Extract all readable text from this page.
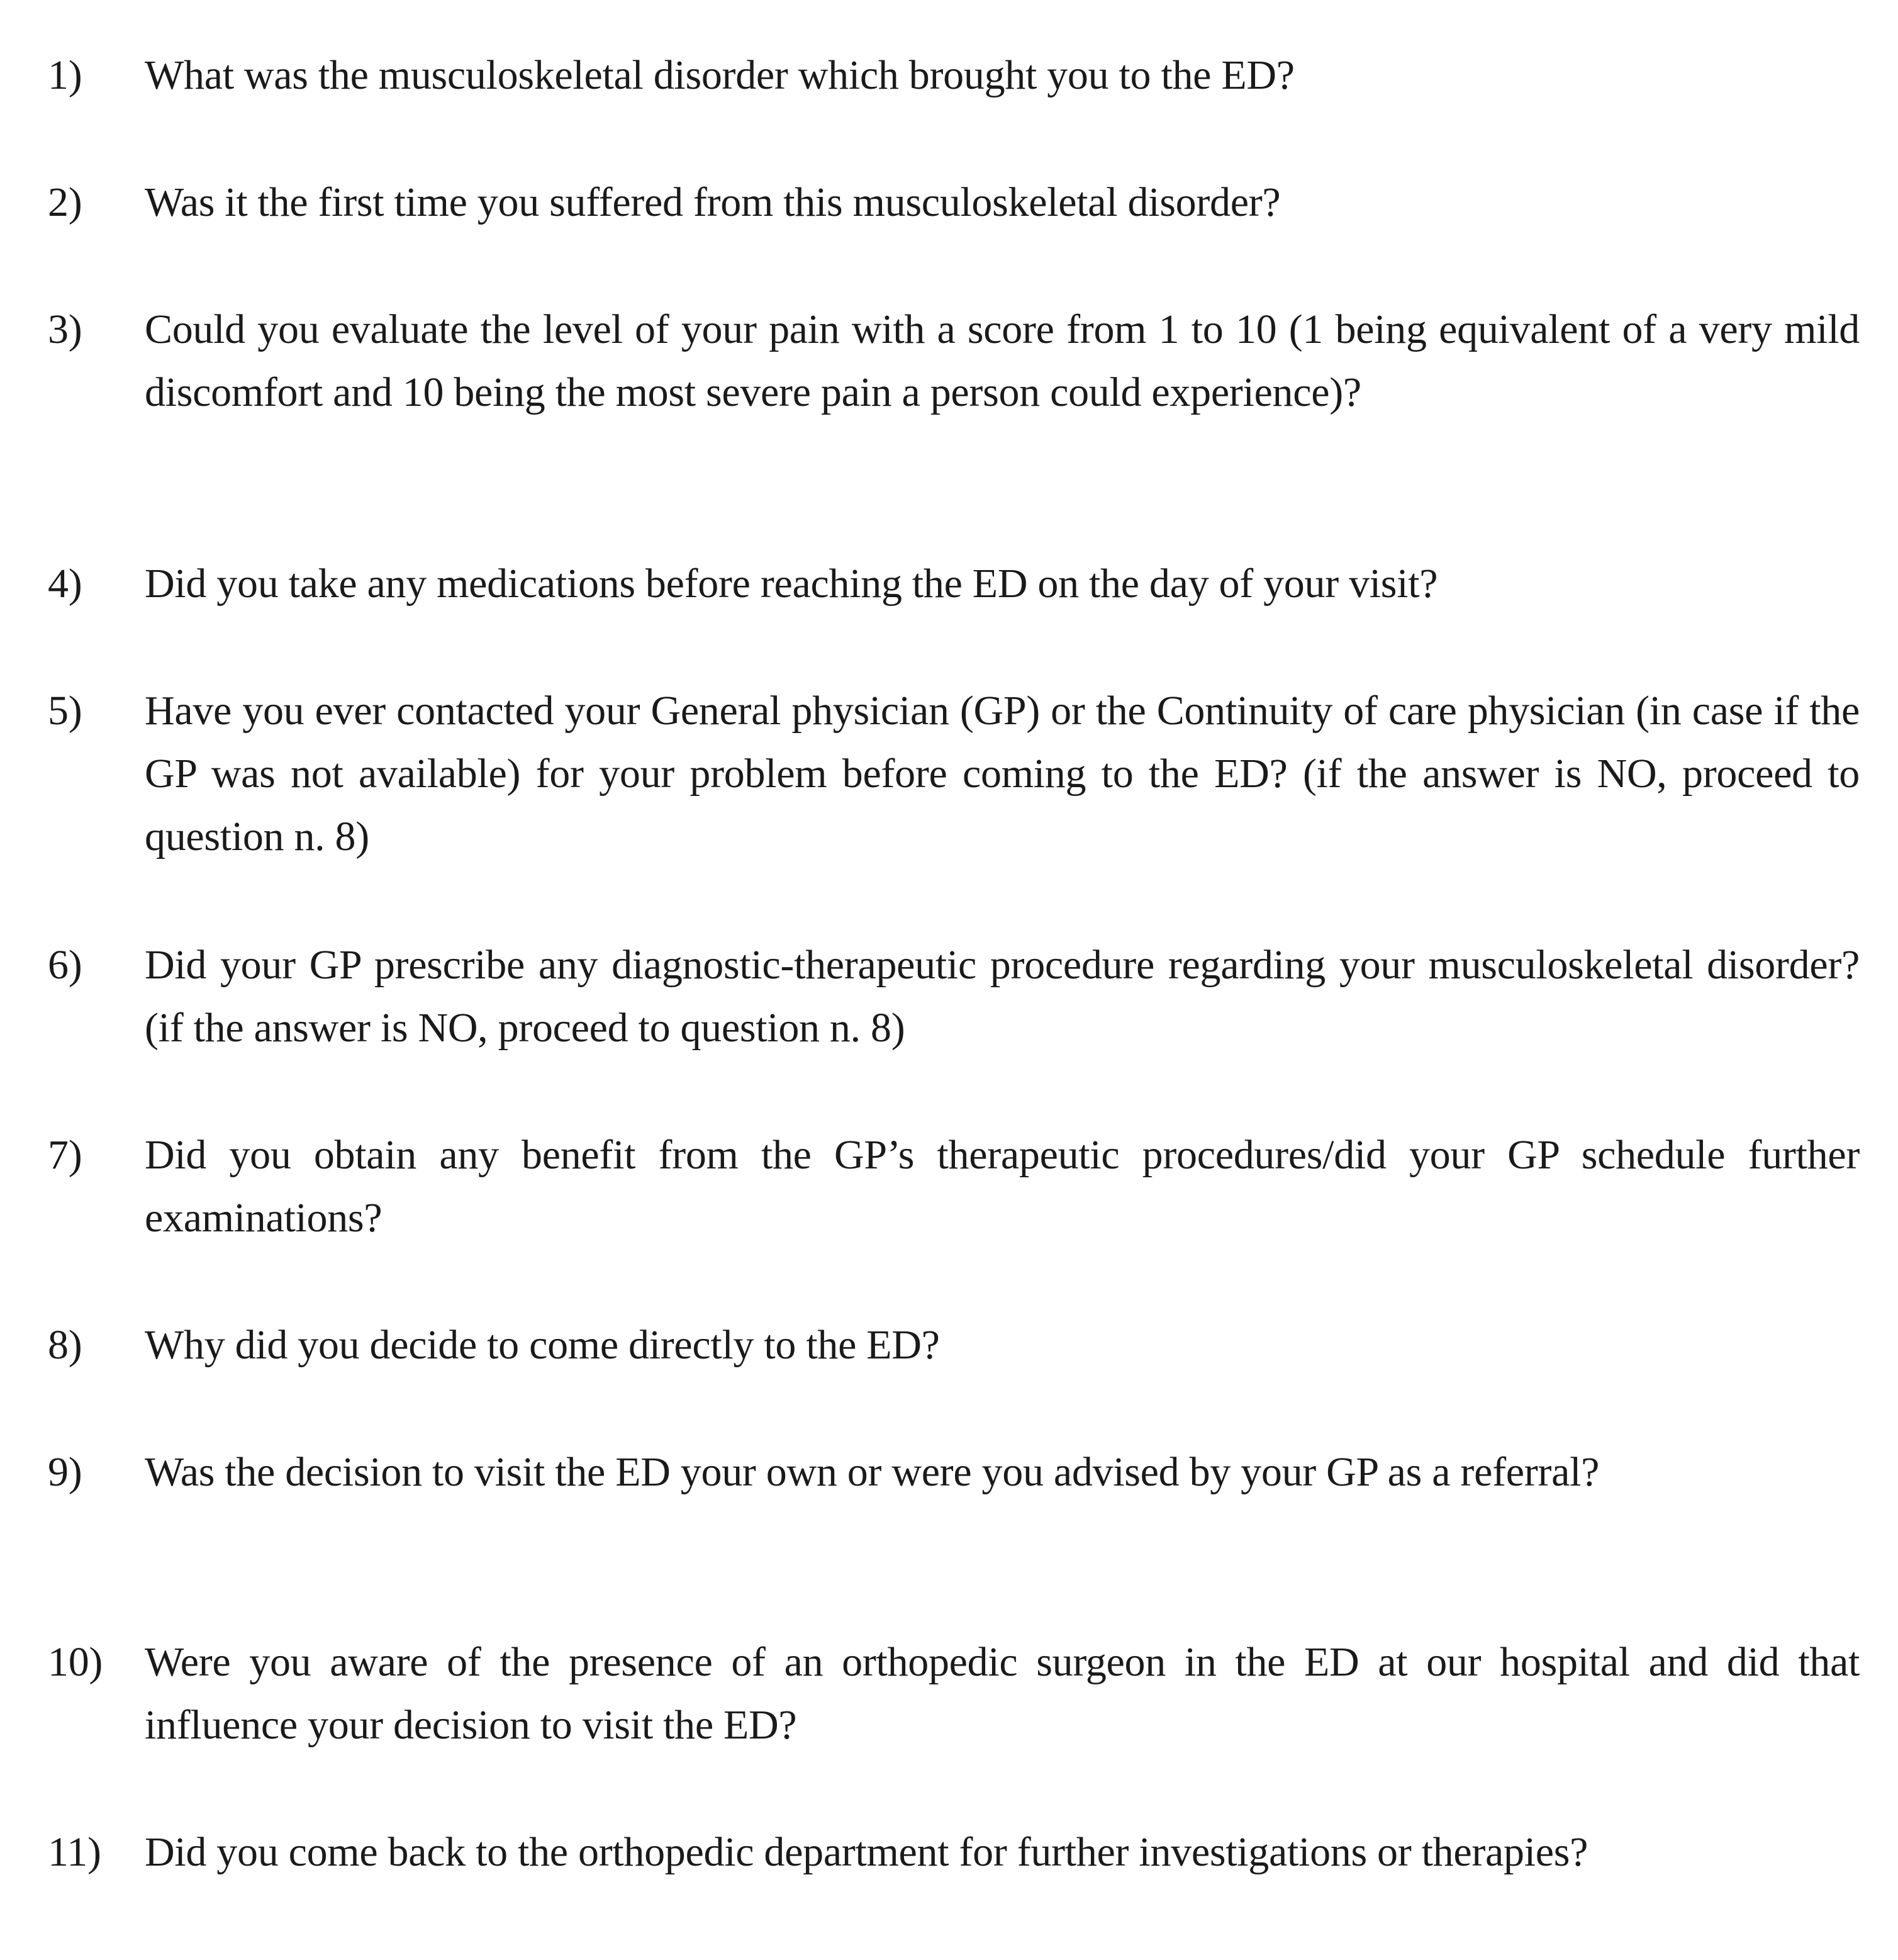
1)	What was the musculoskeletal disorder which brought you to the ED?
2)	Was it the first time you suffered from this musculoskeletal disorder?
3)	Could you evaluate the level of your pain with a score from 1 to 10 (1 being equivalent of a very mild discomfort and 10 being the most severe pain a person could experience)?
4)	Did you take any medications before reaching the ED on the day of your visit?
5)	Have you ever contacted your General physician (GP) or the Continuity of care physician (in case if the GP was not available) for your problem before coming to the ED? (if the answer is NO, proceed to question n. 8)
6)	Did your GP prescribe any diagnostic-therapeutic procedure regarding your musculoskeletal disorder? (if the answer is NO, proceed to question n. 8)
7)	Did you obtain any benefit from the GP’s therapeutic procedures/did your GP schedule further examinations?
8)	Why did you decide to come directly to the ED?
9)	Was the decision to visit the ED your own or were you advised by your GP as a referral?
10)	Were you aware of the presence of an orthopedic surgeon in the ED at our hospital and did that influence your decision to visit the ED?
11)	Did you come back to the orthopedic department for further investigations or therapies?
